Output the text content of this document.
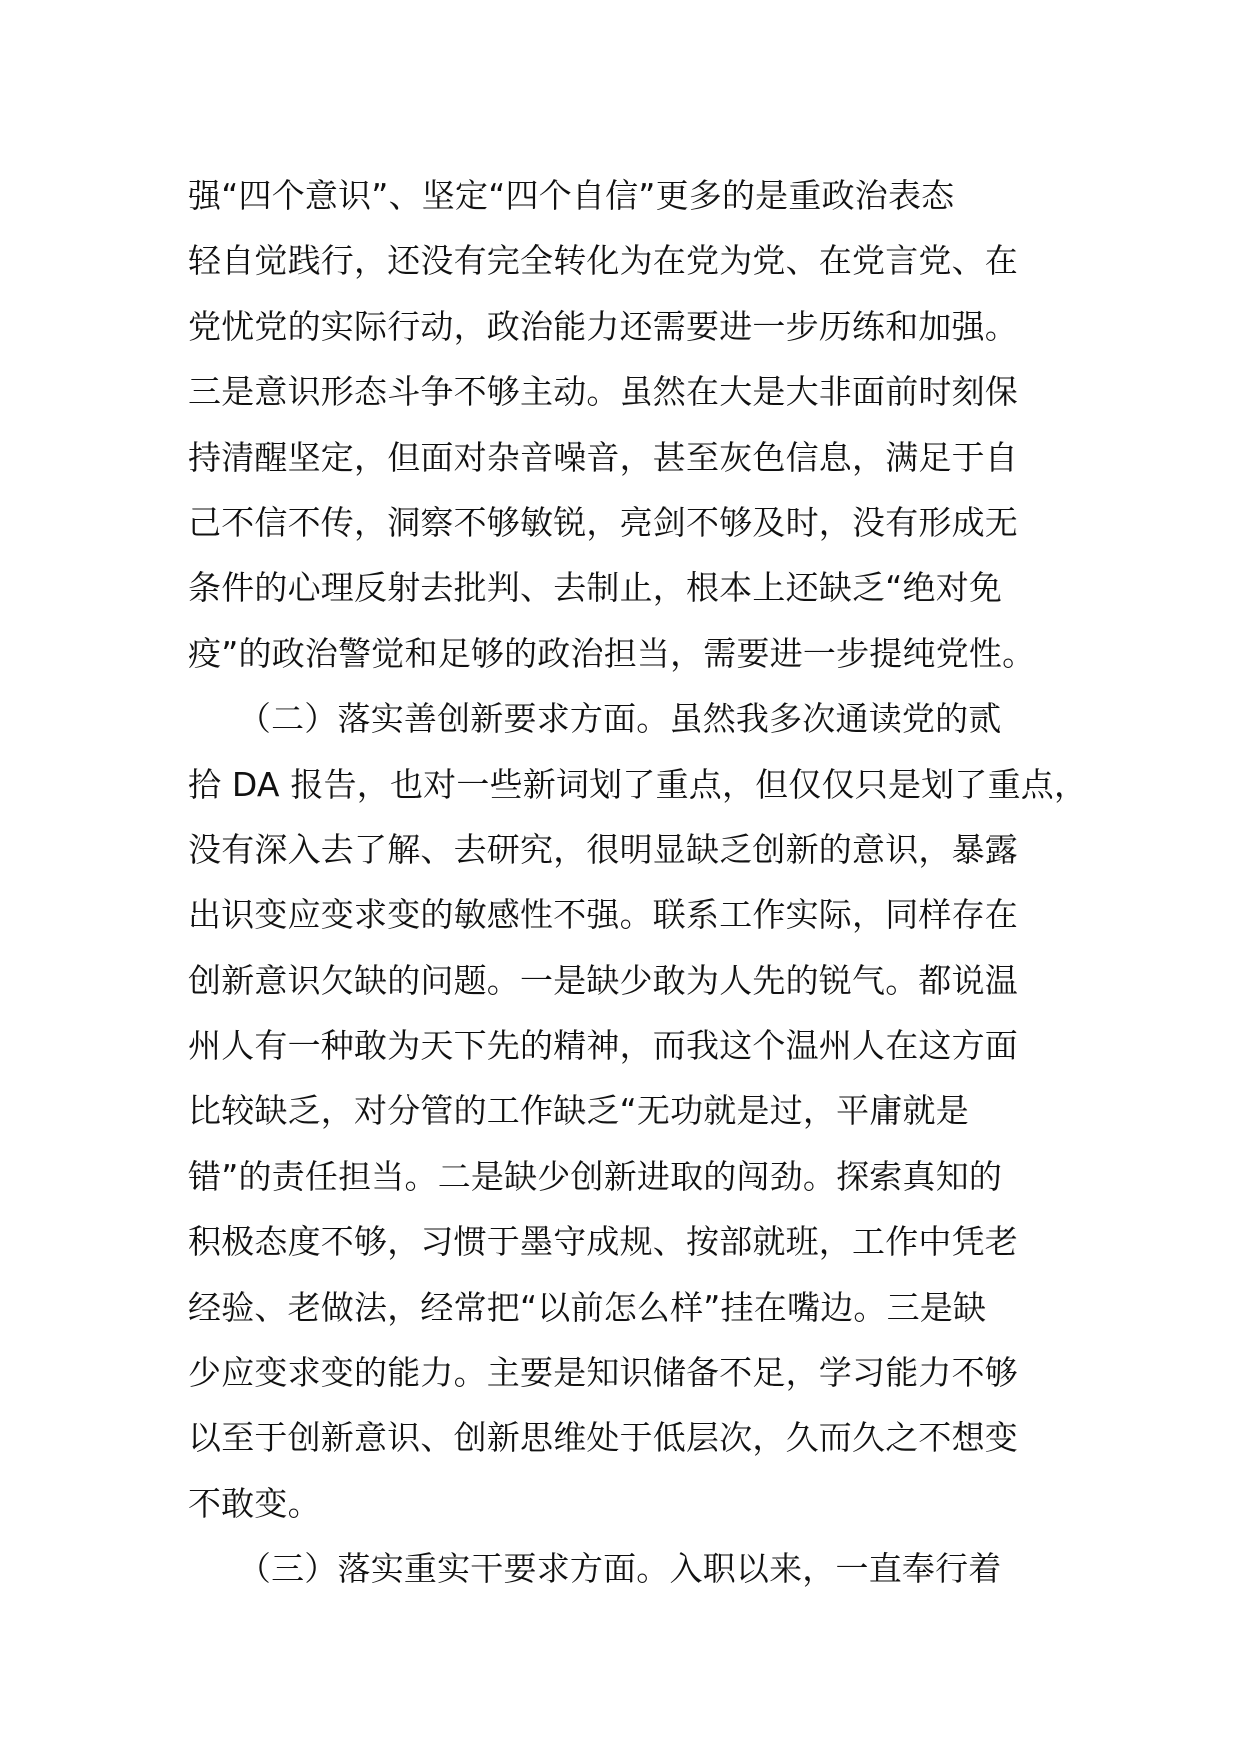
强“四个意识”、坚定“四个自信”更多的是重政治表态
轻自觉践行，还没有完全转化为在党为党、在党言党、在
党忧党的实际行动，政治能力还需要进一步历练和加强。
三是意识形态斗争不够主动。虽然在大是大非面前时刻保
持清醒坚定，但面对杂音噪音，甚至灰色信息，满足于自
己不信不传，洞察不够敏锐，亮剑不够及时，没有形成无
条件的心理反射去批判、去制止，根本上还缺乏“绝对免
疫”的政治警觉和足够的政治担当，需要进一步提纯党性。
　　（二）落实善创新要求方面。虽然我多次通读党的贰
拾 DA 报告，也对一些新词划了重点，但仅仅只是划了重点，
没有深入去了解、去研究，很明显缺乏创新的意识，暴露
出识变应变求变的敏感性不强。联系工作实际，同样存在
创新意识欠缺的问题。一是缺少敢为人先的锐气。都说温
州人有一种敢为天下先的精神，而我这个温州人在这方面
比较缺乏，对分管的工作缺乏“无功就是过，平庸就是
错”的责任担当。二是缺少创新进取的闯劲。探索真知的
积极态度不够，习惯于墨守成规、按部就班，工作中凭老
经验、老做法，经常把“以前怎么样”挂在嘴边。三是缺
少应变求变的能力。主要是知识储备不足，学习能力不够
以至于创新意识、创新思维处于低层次，久而久之不想变
不敢变。
　　（三）落实重实干要求方面。入职以来，一直奉行着
